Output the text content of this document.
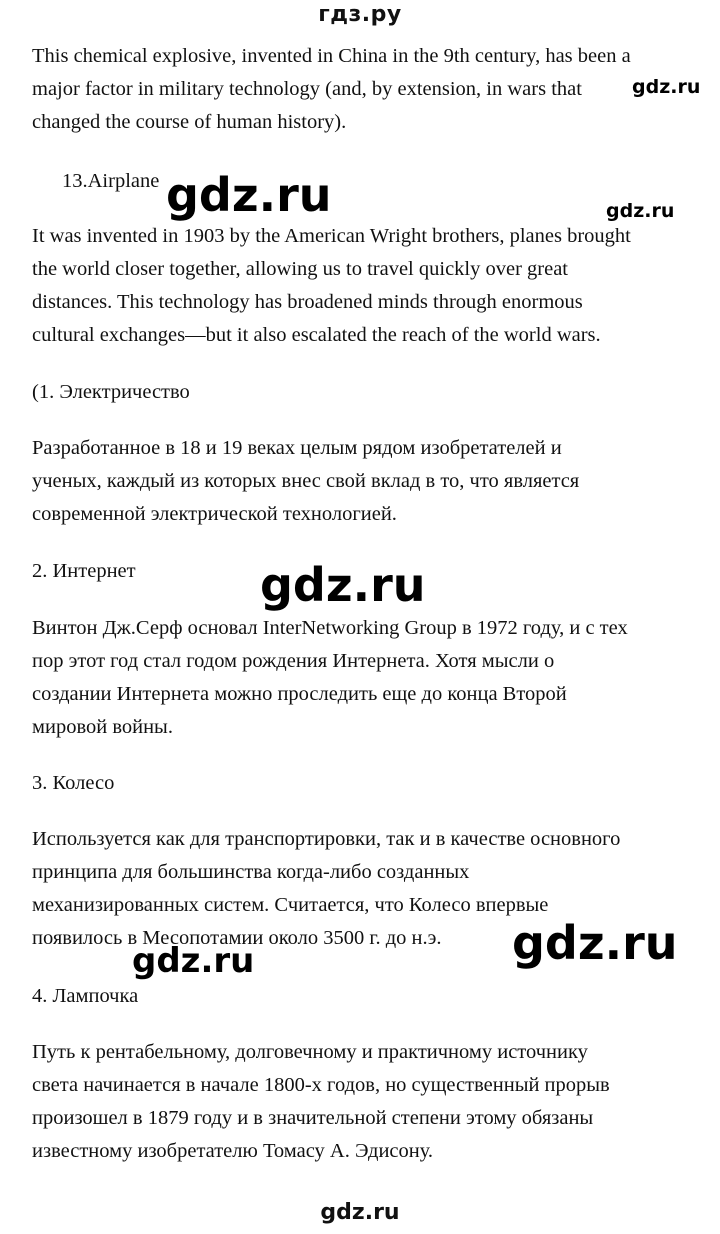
гдз.ру
This chemical explosive, invented in China in the 9th century, has been a
major factor in military technology (and, by extension, in wars that
changed the course of human history).
13.Airplane
It was invented in 1903 by the American Wright brothers, planes brought
the world closer together, allowing us to travel quickly over great
distances. This technology has broadened minds through enormous
cultural exchanges—but it also escalated the reach of the world wars.
(1. Электричество
Разработанное в 18 и 19 веках целым рядом изобретателей и
ученых, каждый из которых внес свой вклад в то, что является
современной электрической технологией.
2. Интернет
Винтон Дж.Серф основал InterNetworking Group в 1972 году, и с тех
пор этот год стал годом рождения Интернета. Хотя мысли о
создании Интернета можно проследить еще до конца Второй
мировой войны.
3. Колесо
Используется как для транспортировки, так и в качестве основного
принципа для большинства когда-либо созданных
механизированных систем. Считается, что Колесо впервые
появилось в Месопотамии около 3500 г. до н.э.
4. Лампочка
Путь к рентабельному, долговечному и практичному источнику
света начинается в начале 1800-х годов, но существенный прорыв
произошел в 1879 году и в значительной степени этому обязаны
известному изобретателю Томасу А. Эдисону.
gdz.ru
gdz.ru	gdz.ru
gdz.ru
gdz.ru
gdz.ru
gdz.ru
